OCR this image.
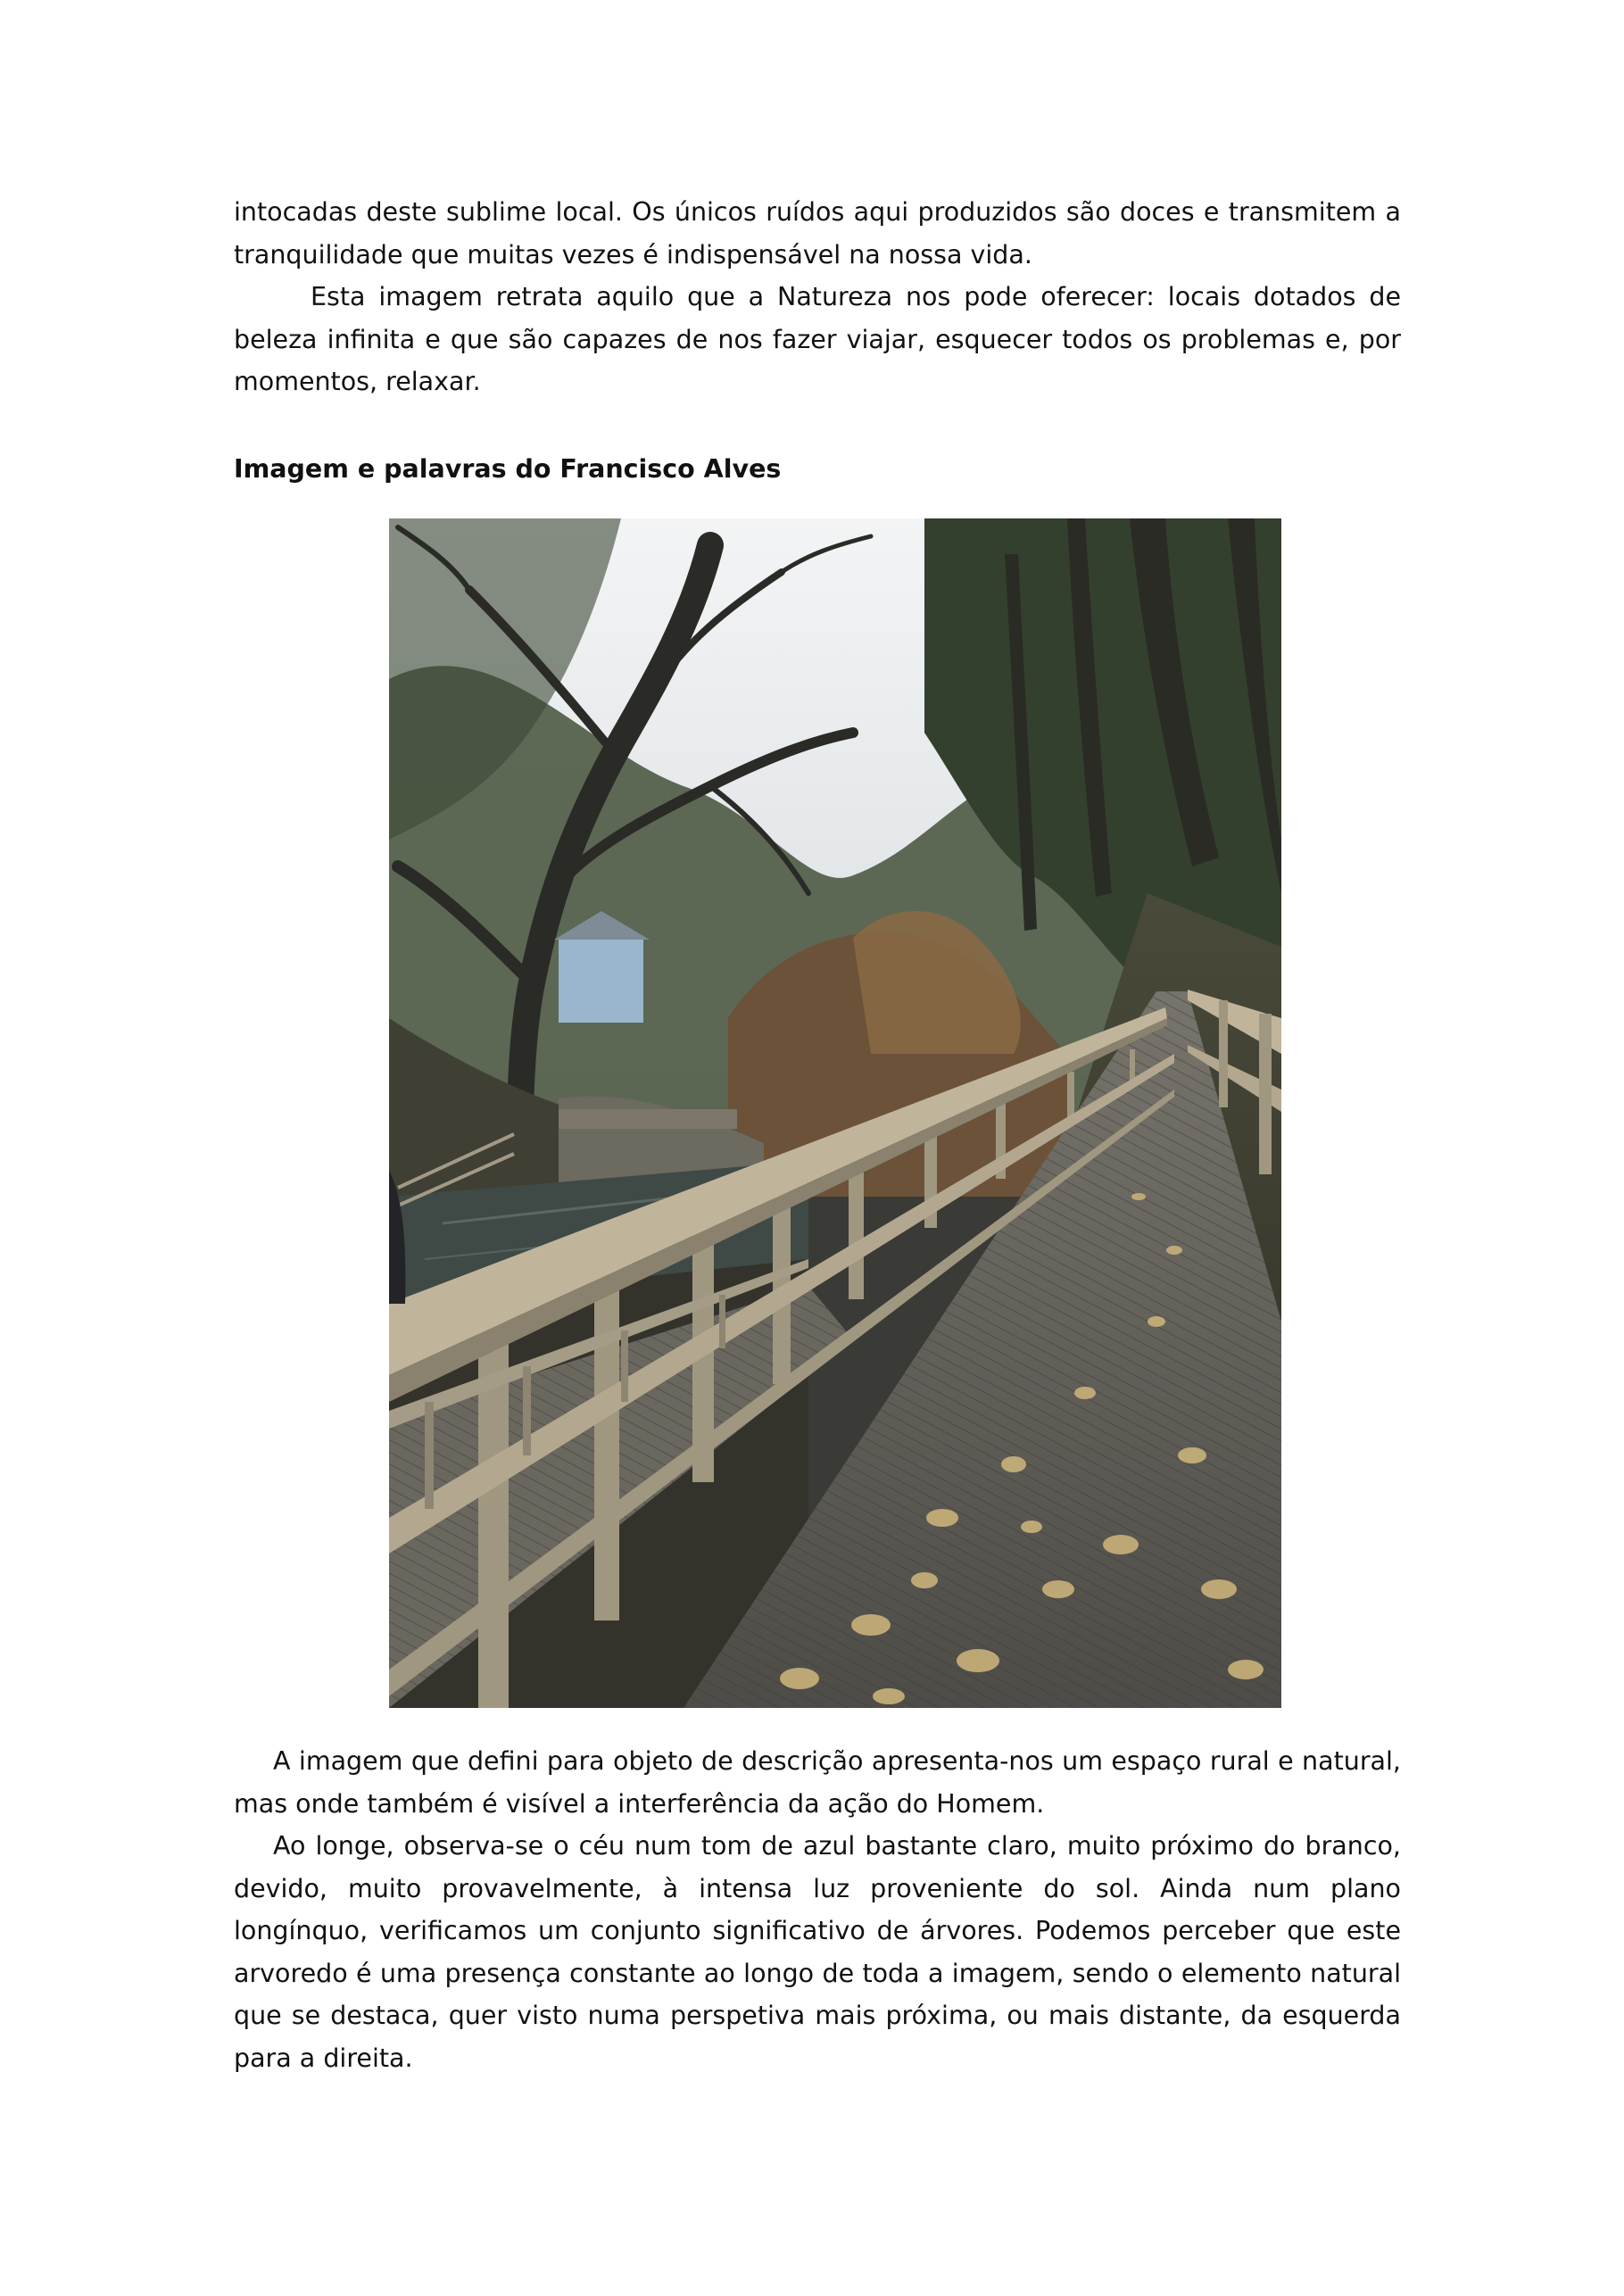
intocadas deste sublime local. Os únicos ruídos aqui produzidos são doces e transmitem a tranquilidade que muitas vezes é indispensável na nossa vida.

Esta imagem retrata aquilo que a Natureza nos pode oferecer: locais dotados de beleza infinita e que são capazes de nos fazer viajar, esquecer todos os problemas e, por momentos, relaxar.

Imagem e palavras do Francisco Alves

A imagem que defini para objeto de descrição apresenta-nos um espaço rural e natural, mas onde também é visível a interferência da ação do Homem.

Ao longe, observa-se o céu num tom de azul bastante claro, muito próximo do branco, devido, muito provavelmente, à intensa luz proveniente do sol. Ainda num plano longínquo, verificamos um conjunto significativo de árvores. Podemos perceber que este arvoredo é uma presença constante ao longo de toda a imagem, sendo o elemento natural que se destaca, quer visto numa perspetiva mais próxima, ou mais distante, da esquerda para a direita.
